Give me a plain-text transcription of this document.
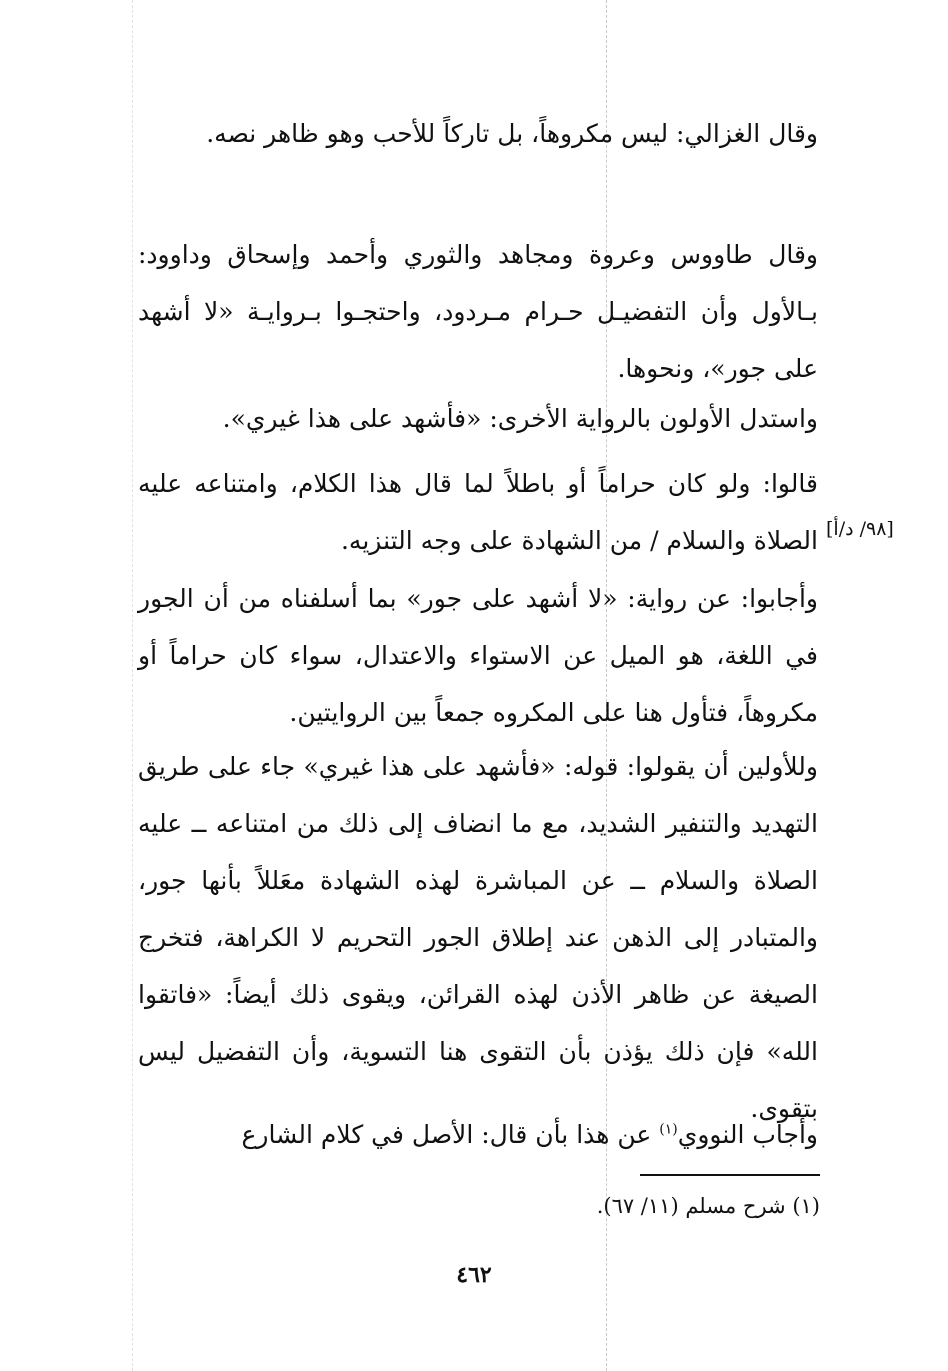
وقال الغزالي: ليس مكروهاً، بل تاركاً للأحب وهو ظاهر نصه.
وقال طاووس وعروة ومجاهد والثوري وأحمد وإسحاق وداوود: بـالأول وأن التفضيـل حـرام مـردود، واحتجـوا بـروايـة «لا أشهد على جور»، ونحوها.
واستدل الأولون بالرواية الأخرى: «فأشهد على هذا غيري».
قالوا: ولو كان حراماً أو باطلاً لما قال هذا الكلام، وامتناعه عليه الصلاة والسلام / من الشهادة على وجه التنزيه. [٩٨/ د/أ]
وأجابوا: عن رواية: «لا أشهد على جور» بما أسلفناه من أن الجور في اللغة، هو الميل عن الاستواء والاعتدال، سواء كان حراماً أو مكروهاً، فتأول هنا على المكروه جمعاً بين الروايتين.
وللأولين أن يقولوا: قوله: «فأشهد على هذا غيري» جاء على طريق التهديد والتنفير الشديد، مع ما انضاف إلى ذلك من امتناعه ــ عليه الصلاة والسلام ــ عن المباشرة لهذه الشهادة معَللاً بأنها جور، والمتبادر إلى الذهن عند إطلاق الجور التحريم لا الكراهة، فتخرج الصيغة عن ظاهر الأذن لهذه القرائن، ويقوى ذلك أيضاً: «فاتقوا الله» فإن ذلك يؤذن بأن التقوى هنا التسوية، وأن التفضيل ليس بتقوى.
وأجاب النووي$^{(١)}$ عن هذا بأن قال: الأصل في كلام الشارع
(١) شرح مسلم (١١/ ٦٧).
٤٦٢
